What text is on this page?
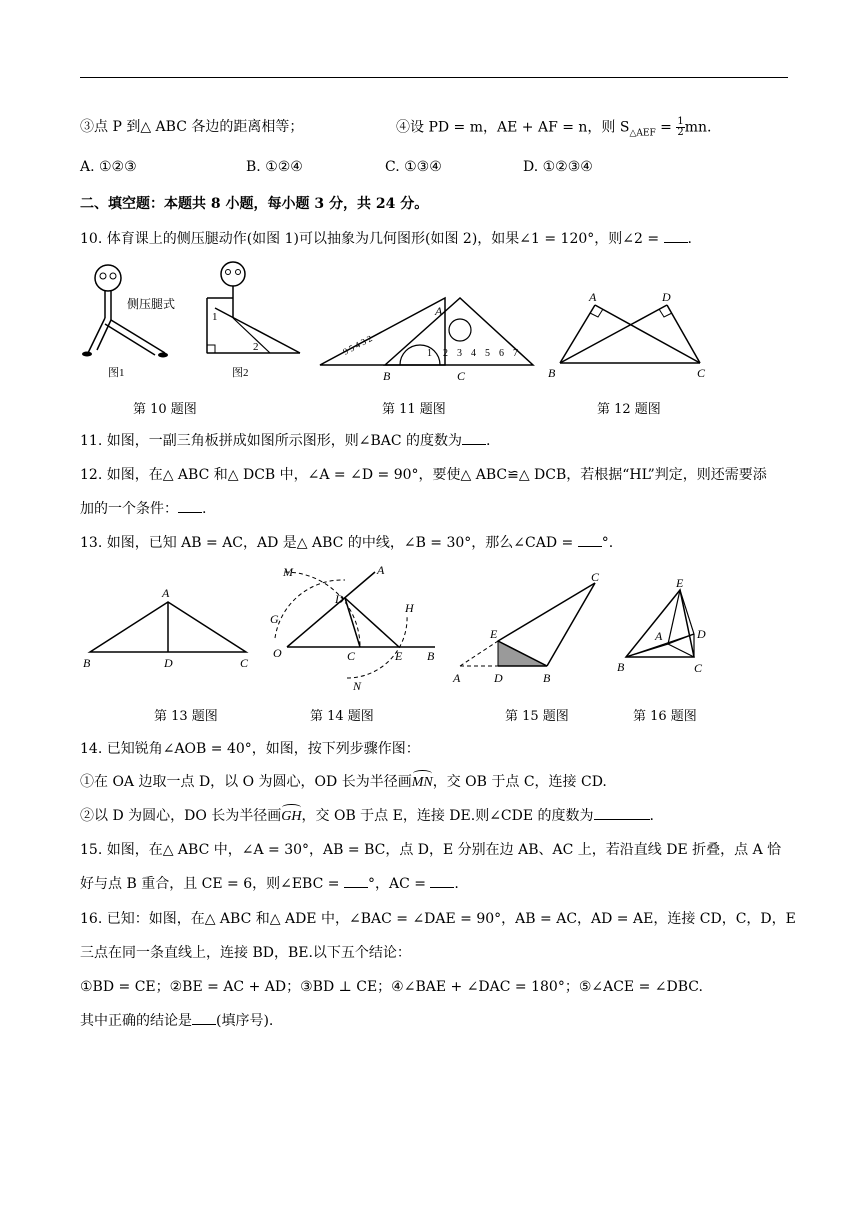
③点 P 到△ ABC 各边的距离相等；	④设 PD = m，AE + AF = n，则 $S_{\triangle AEF} = \frac{1}{2}$ mn.
A. ①②③	B. ①②④	C. ①③④	D. ①②③④
二、填空题：本题共 8 小题，每小题 3 分，共 24 分。
10. 体育课上的侧压腿动作(如图 1)可以抽象为几何图形(如图 2)，如果∠1 = 120°，则∠2 = .
侧压腿式
图1
1
2
图2
9 5 4 3 2	1 2 3 4 5 6 7
A
B	C
A	D
B	C
第 10 题图	第 11 题图	第 12 题图
11. 如图，一副三角板拼成如图所示图形，则∠BAC 的度数为 .
12. 如图，在△ ABC 和△ DCB 中，∠A = ∠D = 90°，要使△ ABC≌△ DCB，若根据“HL”判定，则还需要添
加的一个条件： .
13. 如图，已知 AB = AC，AD 是△ ABC 的中线，∠B = 30°，那么∠CAD = °.
A
B	D	C
M	A
D
G
H
O	C	E B
N
C
E
A	D	B
E
A	D
B	C
第 13 题图	第 14 题图	第 15 题图	第 16 题图
14. 已知锐角∠AOB = 40°，如图，按下列步骤作图：
①在 OA 边取一点 D，以 O 为圆心，OD 长为半径画
MN，交 OB 于点 C，连接 CD.
②以 D 为圆心，DO 长为半径画
GH，交 OB 于点 E，连接 DE.则∠CDE 的度数为	.
15. 如图，在△ ABC 中，∠A = 30°，AB = BC，点 D，E 分别在边 AB、AC 上，若沿直线 DE 折叠，点 A 恰
好与点 B 重合，且 CE = 6，则∠EBC = °，AC = .
16. 已知：如图，在△ ABC 和△ ADE 中，∠BAC = ∠DAE = 90°，AB = AC，AD = AE，连接 CD，C，D，E
三点在同一条直线上，连接 BD，BE.以下五个结论：
①BD = CE；②BE = AC + AD；③BD ⊥ CE；④∠BAE + ∠DAC = 180°；⑤∠ACE = ∠DBC.
其中正确的结论是 (填序号).
